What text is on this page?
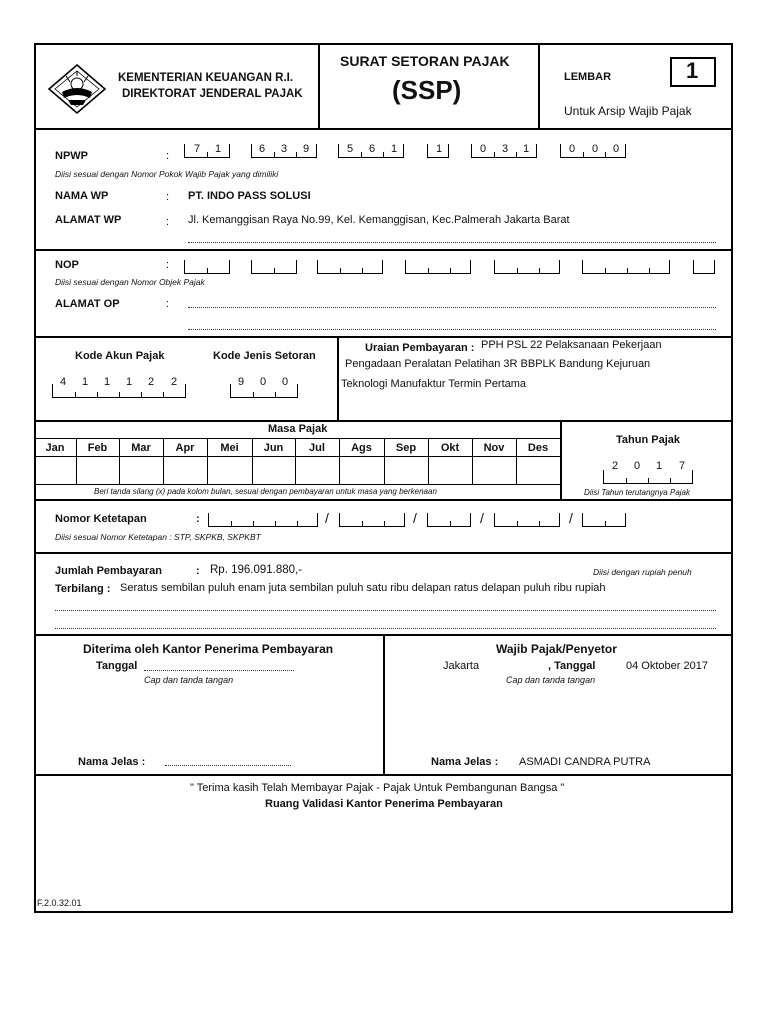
KEMENTERIAN KEUANGAN R.I.
DIREKTORAT JENDERAL PAJAK
SURAT SETORAN PAJAK
(SSP)	LEMBAR	1
Untuk Arsip Wajib Pajak
NPWP	:
7 1	6 3 9	5 6 1	1	0 3 1	0 0 0
Diisi sesuai dengan Nomor Pokok Wajib Pajak yang dimiliki
NAMA WP	: PT. INDO PASS SOLUSI
ALAMAT WP	: Jl. Kemanggisan Raya No.99, Kel. Kemanggisan, Kec.Palmerah Jakarta Barat
NOP	:
Diisi sesuai dengan Nomor Objek Pajak
ALAMAT OP	:
Kode Akun Pajak
4 1 1 1 2 2
Kode Jenis Setoran
9 0 0
Uraian Pembayaran : PPH PSL 22 Pelaksanaan Pekerjaan
Pengadaan Peralatan Pelatihan 3R BBPLK Bandung Kejuruan
Teknologi Manufaktur Termin Pertama
Masa Pajak
Jan	Feb	Mar	Apr	Mei	Jun	Jul	Ags	Sep	Okt	Nov	Des
Beri tanda silang (x) pada kolom bulan, sesuai dengan pembayaran untuk masa yang berkenaan
Tahun Pajak
2 0 1 7
Diisi Tahun terutangnya Pajak
Nomor Ketetapan	:	/	/	/	/
Diisi sesuai Nomor Ketetapan : STP, SKPKB, SKPKBT
Jumlah Pembayaran	: Rp. 196.091.880,-	Diisi dengan rupiah penuh
Terbilang : Seratus sembilan puluh enam juta sembilan puluh satu ribu delapan ratus delapan puluh ribu rupiah
Diterima oleh Kantor Penerima Pembayaran
Tanggal
Cap dan tanda tangan
Nama Jelas :
Wajib Pajak/Penyetor
Jakarta	, Tanggal	04 Oktober 2017
Cap dan tanda tangan
Nama Jelas : ASMADI CANDRA PUTRA
" Terima kasih Telah Membayar Pajak - Pajak Untuk Pembangunan Bangsa "
Ruang Validasi Kantor Penerima Pembayaran
F.2.0.32.01
